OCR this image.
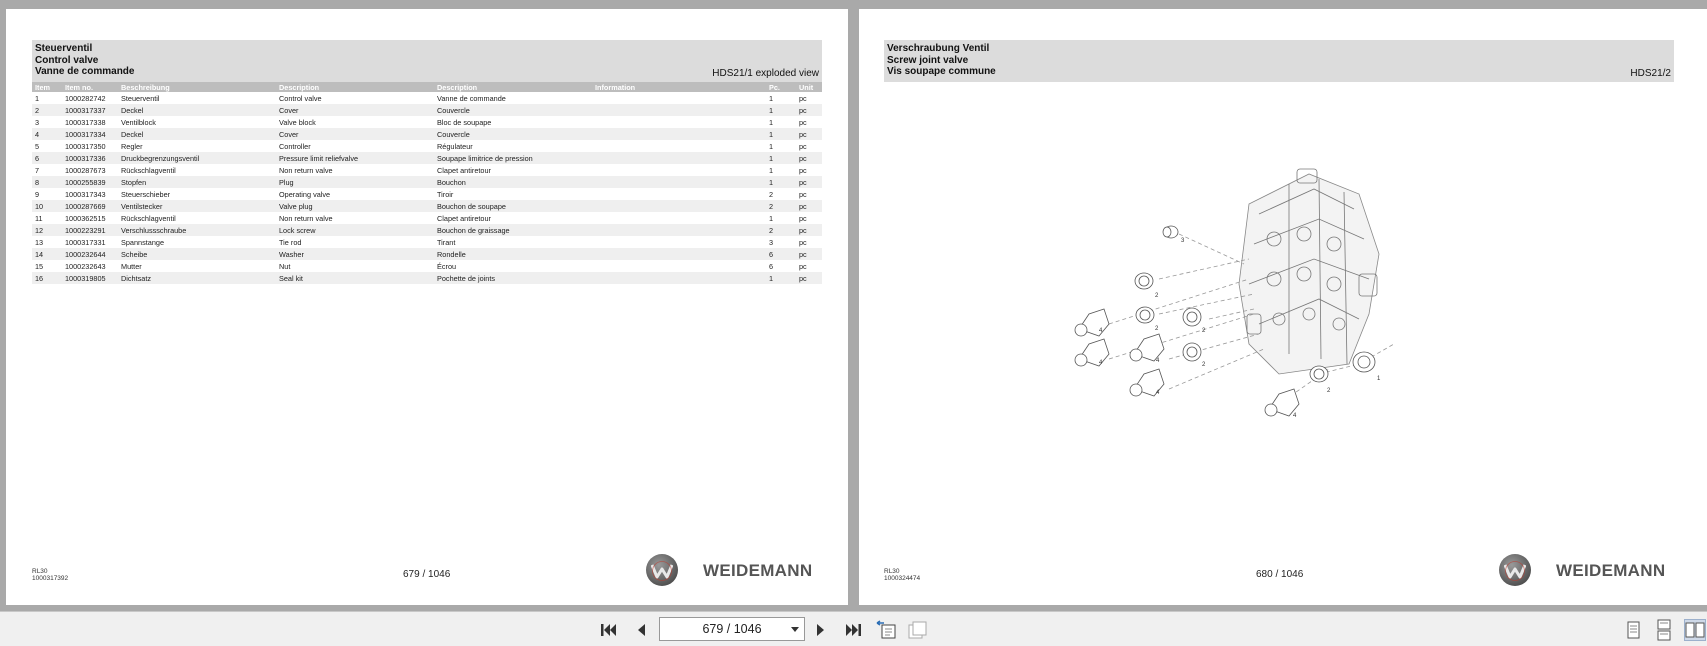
Steuerventil
Control valve
Vanne de commande	HDS21/1 exploded view
Item	Item no.	Beschreibung	Description	Description	Information	Pc.	Unit
1	1000282742	Steuerventil	Control valve	Vanne de commande		1	pc
2	1000317337	Deckel	Cover	Couvercle		1	pc
3	1000317338	Ventilblock	Valve block	Bloc de soupape		1	pc
4	1000317334	Deckel	Cover	Couvercle		1	pc
5	1000317350	Regler	Controller	Régulateur		1	pc
6	1000317336	Druckbegrenzungsventil	Pressure limit reliefvalve	Soupape limitrice de pression		1	pc
7	1000287673	Rückschlagventil	Non return valve	Clapet antiretour		1	pc
8	1000255839	Stopfen	Plug	Bouchon		1	pc
9	1000317343	Steuerschieber	Operating valve	Tiroir		2	pc
10	1000287669	Ventilstecker	Valve plug	Bouchon de soupape		2	pc
11	1000362515	Rückschlagventil	Non return valve	Clapet antiretour		1	pc
12	1000223291	Verschlussschraube	Lock screw	Bouchon de graissage		2	pc
13	1000317331	Spannstange	Tie rod	Tirant		3	pc
14	1000232644	Scheibe	Washer	Rondelle		6	pc
15	1000232643	Mutter	Nut	Écrou		6	pc
16	1000319805	Dichtsatz	Seal kit	Pochette de joints		1	pc
RL30
1000317392	679 / 1046	WEIDEMANN
Verschraubung Ventil
Screw joint valve
Vis soupape commune	HDS21/2
3
2
2	2
4
4	4
2
4	2
1
4
RL30
1000324474	680 / 1046	WEIDEMANN
679 / 1046
